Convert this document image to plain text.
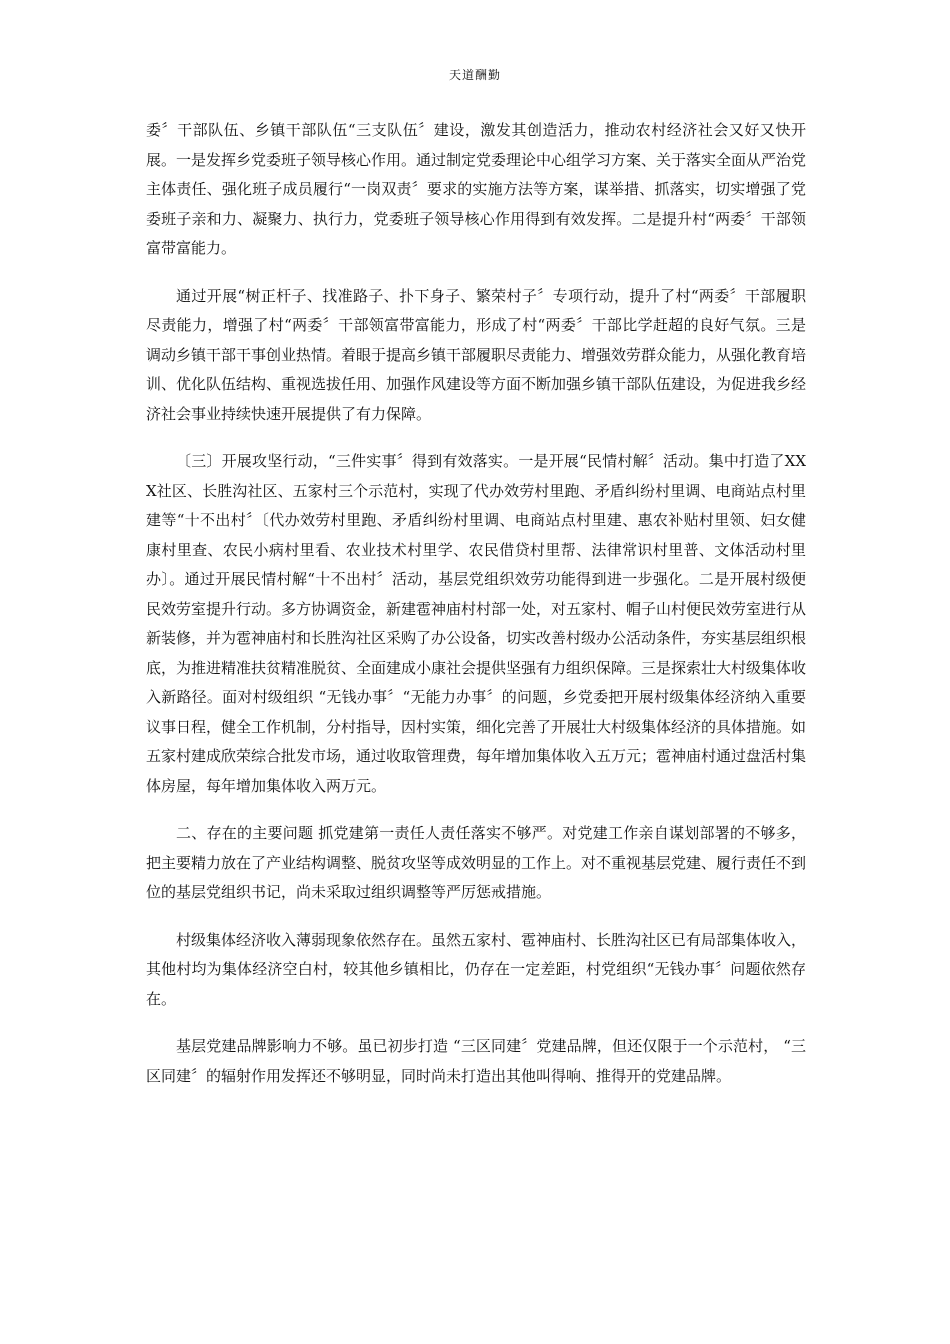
天道酬勤

委〞干部队伍、乡镇干部队伍“三支队伍〞建设，激发其创造活力，推动农村经济社会又好又快开展。一是发挥乡党委班子领导核心作用。通过制定党委理论中心组学习方案、关于落实全面从严治党主体责任、强化班子成员履行“一岗双责〞要求的实施方法等方案，谋举措、抓落实，切实增强了党委班子亲和力、凝聚力、执行力，党委班子领导核心作用得到有效发挥。二是提升村“两委〞干部领富带富能力。

通过开展“树正杆子、找准路子、扑下身子、繁荣村子〞专项行动，提升了村“两委〞干部履职尽责能力，增强了村“两委〞干部领富带富能力，形成了村“两委〞干部比学赶超的良好气氛。三是调动乡镇干部干事创业热情。着眼于提高乡镇干部履职尽责能力、增强效劳群众能力，从强化教育培训、优化队伍结构、重视选拔任用、加强作风建设等方面不断加强乡镇干部队伍建设，为促进我乡经济社会事业持续快速开展提供了有力保障。

〔三〕开展攻坚行动，“三件实事〞得到有效落实。一是开展“民情村解〞活动。集中打造了XXX社区、长胜沟社区、五家村三个示范村，实现了代办效劳村里跑、矛盾纠纷村里调、电商站点村里建等“十不出村〞〔代办效劳村里跑、矛盾纠纷村里调、电商站点村里建、惠农补贴村里领、妇女健康村里查、农民小病村里看、农业技术村里学、农民借贷村里帮、法律常识村里普、文体活动村里办〕。通过开展民情村解“十不出村〞活动，基层党组织效劳功能得到进一步强化。二是开展村级便民效劳室提升行动。多方协调资金，新建雹神庙村村部一处，对五家村、帽子山村便民效劳室进行从新装修，并为雹神庙村和长胜沟社区采购了办公设备，切实改善村级办公活动条件，夯实基层组织根底，为推进精准扶贫精准脱贫、全面建成小康社会提供坚强有力组织保障。三是探索壮大村级集体收入新路径。面对村级组织 “无钱办事〞“无能力办事〞的问题，乡党委把开展村级集体经济纳入重要议事日程，健全工作机制，分村指导，因村实策，细化完善了开展壮大村级集体经济的具体措施。如五家村建成欣荣综合批发市场，通过收取管理费，每年增加集体收入五万元；雹神庙村通过盘活村集体房屋，每年增加集体收入两万元。

二、存在的主要问题 抓党建第一责任人责任落实不够严。对党建工作亲自谋划部署的不够多，把主要精力放在了产业结构调整、脱贫攻坚等成效明显的工作上。对不重视基层党建、履行责任不到位的基层党组织书记，尚未采取过组织调整等严厉惩戒措施。

村级集体经济收入薄弱现象依然存在。虽然五家村、雹神庙村、长胜沟社区已有局部集体收入，其他村均为集体经济空白村，较其他乡镇相比，仍存在一定差距，村党组织“无钱办事〞问题依然存在。

基层党建品牌影响力不够。虽已初步打造 “三区同建〞党建品牌，但还仅限于一个示范村， “三区同建〞的辐射作用发挥还不够明显，同时尚未打造出其他叫得响、推得开的党建品牌。
